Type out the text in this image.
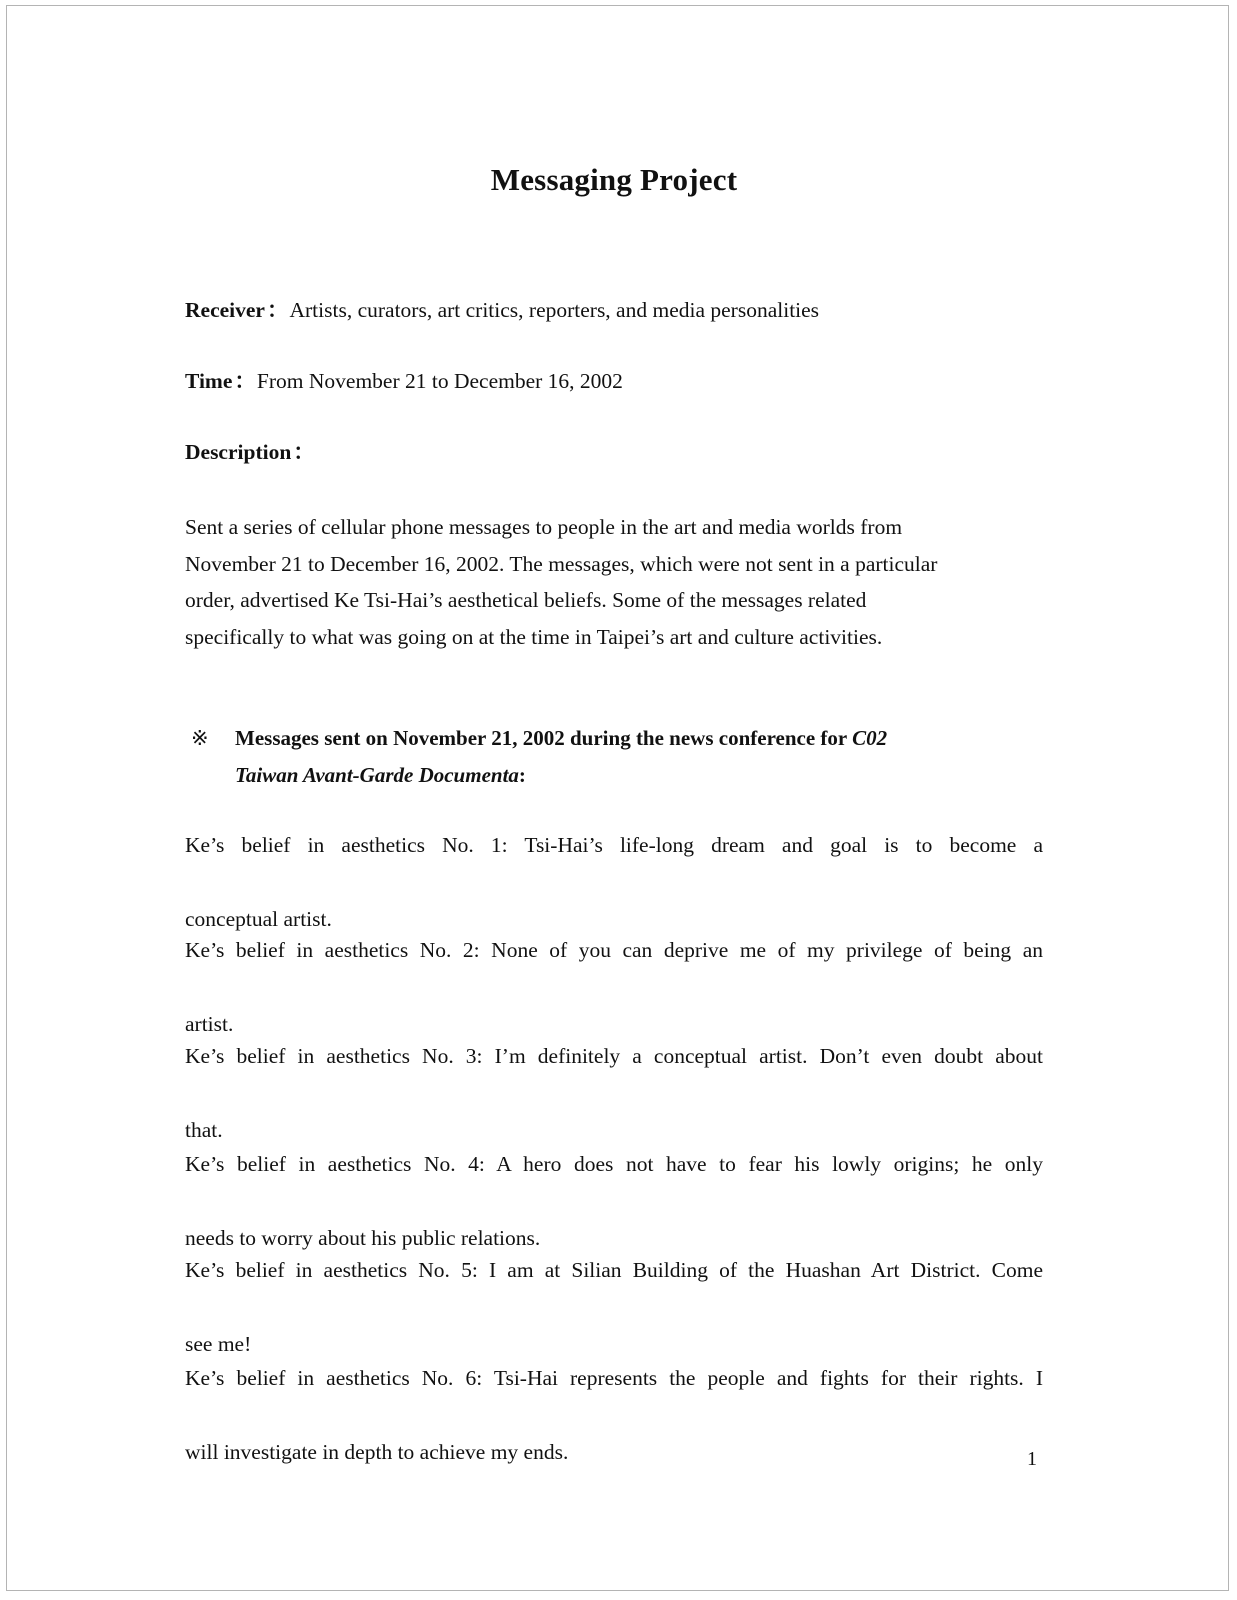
Messaging Project
Receiver：Artists, curators, art critics, reporters, and media personalities
Time：From November 21 to December 16, 2002
Description：
Sent a series of cellular phone messages to people in the art and media worlds from
November 21 to December 16, 2002. The messages, which were not sent in a particular
order, advertised Ke Tsi-Hai’s aesthetical beliefs. Some of the messages related
specifically to what was going on at the time in Taipei’s art and culture activities.
※	Messages sent on November 21, 2002 during the news conference for C02
Taiwan Avant-Garde Documenta:
Ke’s belief in aesthetics No. 1: Tsi-Hai’s life-long dream and goal is to become a
conceptual artist.
Ke’s belief in aesthetics No. 2: None of you can deprive me of my privilege of being an
artist.
Ke’s belief in aesthetics No. 3: I’m definitely a conceptual artist. Don’t even doubt about
that.
Ke’s belief in aesthetics No. 4: A hero does not have to fear his lowly origins; he only
needs to worry about his public relations.
Ke’s belief in aesthetics No. 5: I am at Silian Building of the Huashan Art District. Come
see me!
Ke’s belief in aesthetics No. 6: Tsi-Hai represents the people and fights for their rights. I
will investigate in depth to achieve my ends.	1
